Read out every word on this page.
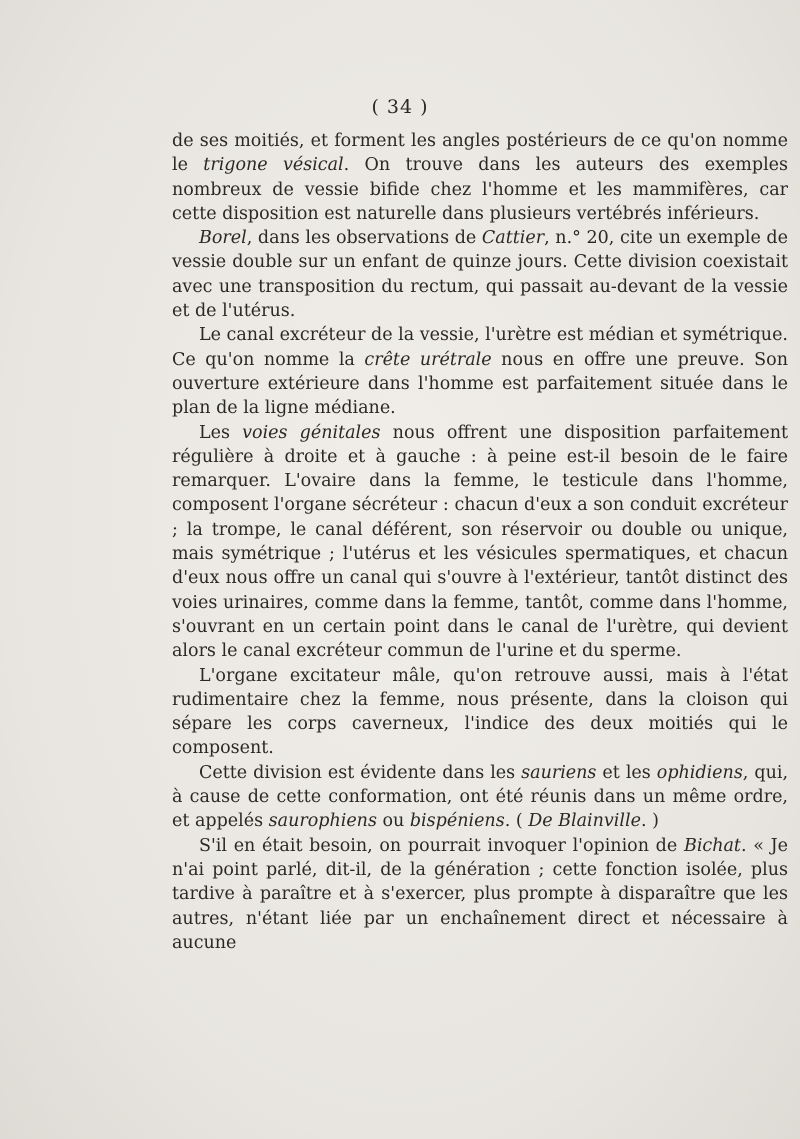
( 34 )

de ses moitiés, et forment les angles postérieurs de ce qu'on nomme le trigone vésical. On trouve dans les auteurs des exemples nombreux de vessie bifide chez l'homme et les mammifères, car cette disposition est naturelle dans plusieurs vertébrés inférieurs.

Borel, dans les observations de Cattier, n.° 20, cite un exemple de vessie double sur un enfant de quinze jours. Cette division coexistait avec une transposition du rectum, qui passait au-devant de la vessie et de l'utérus.

Le canal excréteur de la vessie, l'urètre est médian et symétrique. Ce qu'on nomme la crête urétrale nous en offre une preuve. Son ouverture extérieure dans l'homme est parfaitement située dans le plan de la ligne médiane.

Les voies génitales nous offrent une disposition parfaitement régulière à droite et à gauche : à peine est-il besoin de le faire remarquer. L'ovaire dans la femme, le testicule dans l'homme, composent l'organe sécréteur : chacun d'eux a son conduit excréteur ; la trompe, le canal déférent, son réservoir ou double ou unique, mais symétrique ; l'utérus et les vésicules spermatiques, et chacun d'eux nous offre un canal qui s'ouvre à l'extérieur, tantôt distinct des voies urinaires, comme dans la femme, tantôt, comme dans l'homme, s'ouvrant en un certain point dans le canal de l'urètre, qui devient alors le canal excréteur commun de l'urine et du sperme.

L'organe excitateur mâle, qu'on retrouve aussi, mais à l'état rudimentaire chez la femme, nous présente, dans la cloison qui sépare les corps caverneux, l'indice des deux moitiés qui le composent.

Cette division est évidente dans les sauriens et les ophidiens, qui, à cause de cette conformation, ont été réunis dans un même ordre, et appelés saurophiens ou bispéniens. ( De Blainville. )

S'il en était besoin, on pourrait invoquer l'opinion de Bichat. « Je n'ai point parlé, dit-il, de la génération ; cette fonction isolée, plus tardive à paraître et à s'exercer, plus prompte à disparaître que les autres, n'étant liée par un enchaînement direct et nécessaire à aucune
